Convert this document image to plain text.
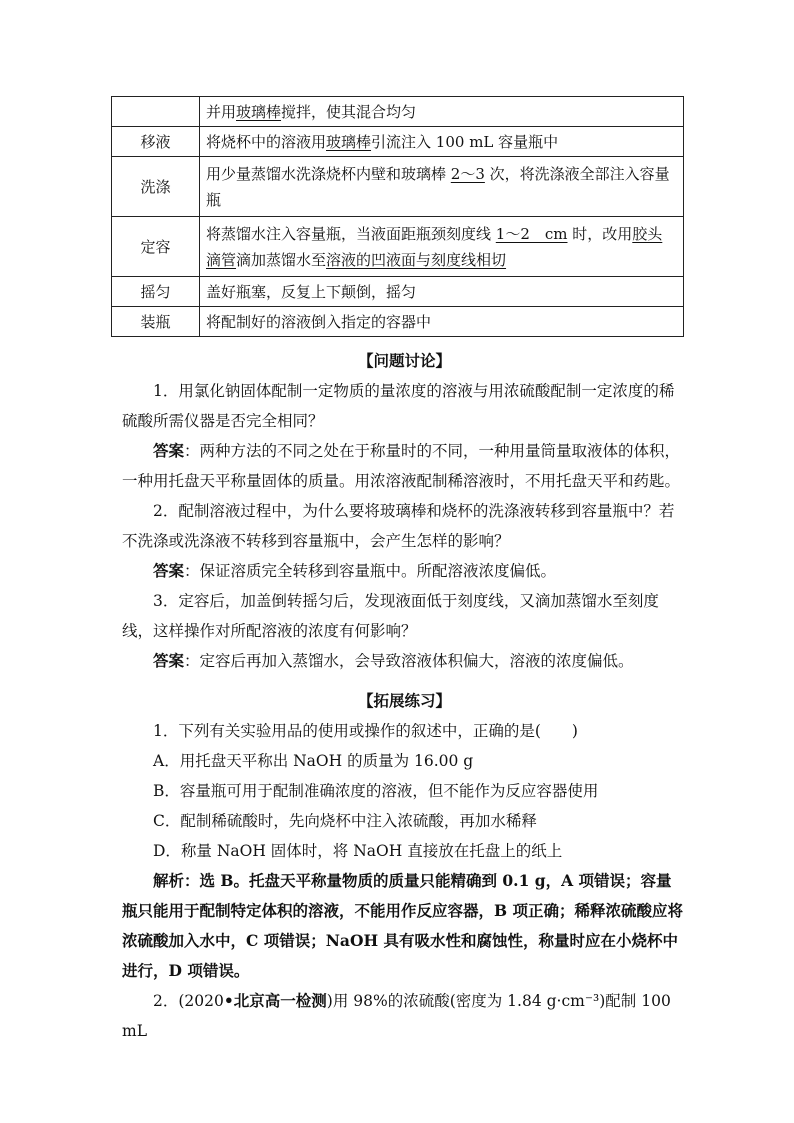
	并用玻璃棒搅拌，使其混合均匀
移液	将烧杯中的溶液用玻璃棒引流注入 100 mL 容量瓶中
洗涤	用少量蒸馏水洗涤烧杯内壁和玻璃棒 2～3 次，将洗涤液全部注入容量瓶
定容	将蒸馏水注入容量瓶，当液面距瓶颈刻度线 1～2　cm 时，改用胶头滴管滴加蒸馏水至溶液的凹液面与刻度线相切
摇匀	盖好瓶塞，反复上下颠倒，摇匀
装瓶	将配制好的溶液倒入指定的容器中

【问题讨论】

1．用氯化钠固体配制一定物质的量浓度的溶液与用浓硫酸配制一定浓度的稀硫酸所需仪器是否完全相同？

答案：两种方法的不同之处在于称量时的不同，一种用量筒量取液体的体积，一种用托盘天平称量固体的质量。用浓溶液配制稀溶液时，不用托盘天平和药匙。

2．配制溶液过程中，为什么要将玻璃棒和烧杯的洗涤液转移到容量瓶中？若不洗涤或洗涤液不转移到容量瓶中，会产生怎样的影响？

答案：保证溶质完全转移到容量瓶中。所配溶液浓度偏低。

3．定容后，加盖倒转摇匀后，发现液面低于刻度线，又滴加蒸馏水至刻度线，这样操作对所配溶液的浓度有何影响？

答案：定容后再加入蒸馏水，会导致溶液体积偏大，溶液的浓度偏低。

【拓展练习】

1．下列有关实验用品的使用或操作的叙述中，正确的是(　　)

A．用托盘天平称出 NaOH 的质量为 16.00 g

B．容量瓶可用于配制准确浓度的溶液，但不能作为反应容器使用

C．配制稀硫酸时，先向烧杯中注入浓硫酸，再加水稀释

D．称量 NaOH 固体时，将 NaOH 直接放在托盘上的纸上

解析：选 B。托盘天平称量物质的质量只能精确到 0.1 g，A 项错误；容量瓶只能用于配制特定体积的溶液，不能用作反应容器，B 项正确；稀释浓硫酸应将浓硫酸加入水中，C 项错误；NaOH 具有吸水性和腐蚀性，称量时应在小烧杯中进行，D 项错误。

2．(2020•北京高一检测)用 98%的浓硫酸(密度为 1.84 g·cm⁻³)配制 100 mL
